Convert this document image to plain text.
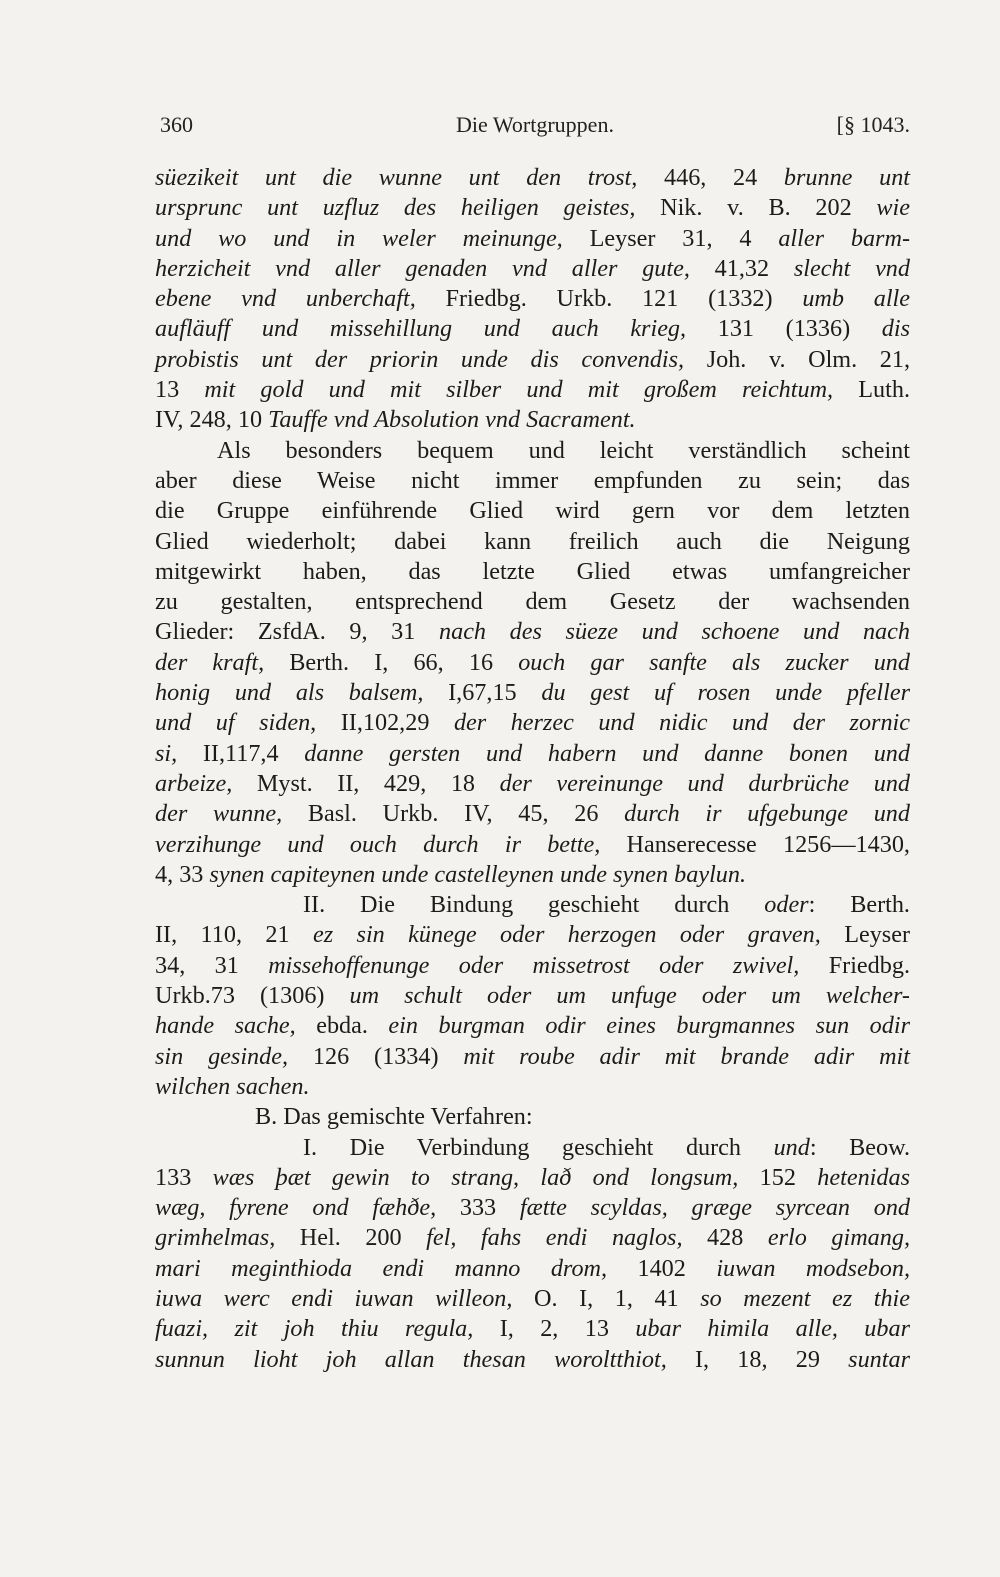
360	Die Wortgruppen.	[§ 1043.
süezikeit unt die wunne unt den trost, 446, 24 brunne unt
ursprunc unt uzfluz des heiligen geistes, Nik. v. B. 202 wie
und wo und in weler meinunge, Leyser 31, 4 aller barm-
herzicheit vnd aller genaden vnd aller gute, 41,32 slecht vnd
ebene vnd unberchaft, Friedbg. Urkb. 121 (1332) umb alle
aufläuff und missehillung und auch krieg, 131 (1336) dis
probistis unt der priorin unde dis convendis, Joh. v. Olm. 21,
13 mit gold und mit silber und mit großem reichtum, Luth.
IV, 248, 10 Tauffe vnd Absolution vnd Sacrament.
Als besonders bequem und leicht verständlich scheint
aber diese Weise nicht immer empfunden zu sein; das
die Gruppe einführende Glied wird gern vor dem letzten
Glied wiederholt; dabei kann freilich auch die Neigung
mitgewirkt haben, das letzte Glied etwas umfangreicher
zu gestalten, entsprechend dem Gesetz der wachsenden
Glieder: ZsfdA. 9, 31 nach des süeze und schoene und nach
der kraft, Berth. I, 66, 16 ouch gar sanfte als zucker und
honig und als balsem, I,67,15 du gest uf rosen unde pfeller
und uf siden, II,102,29 der herzec und nidic und der zornic
si, II,117,4 danne gersten und habern und danne bonen und
arbeize, Myst. II, 429, 18 der vereinunge und durbrüche und
der wunne, Basl. Urkb. IV, 45, 26 durch ir ufgebunge und
verzihunge und ouch durch ir bette, Hanserecesse 1256—1430,
4, 33 synen capiteynen unde castelleynen unde synen baylun.
II. Die Bindung geschieht durch oder: Berth.
II, 110, 21 ez sin künege oder herzogen oder graven, Leyser
34, 31 missehoffenunge oder missetrost oder zwivel, Friedbg.
Urkb.73 (1306) um schult oder um unfuge oder um welcher-
hande sache, ebda. ein burgman odir eines burgmannes sun odir
sin gesinde, 126 (1334) mit roube adir mit brande adir mit
wilchen sachen.
B. Das gemischte Verfahren:
I. Die Verbindung geschieht durch und: Beow.
133 wæs þæt gewin to strang, lað ond longsum, 152 hetenidas
wæg, fyrene ond fæhðe, 333 fætte scyldas, græge syrcean ond
grimhelmas, Hel. 200 fel, fahs endi naglos, 428 erlo gimang,
mari meginthioda endi manno drom, 1402 iuwan modsebon,
iuwa werc endi iuwan willeon, O. I, 1, 41 so mezent ez thie
fuazi, zit joh thiu regula, I, 2, 13 ubar himila alle, ubar
sunnun lioht joh allan thesan woroltthiot, I, 18, 29 suntar
